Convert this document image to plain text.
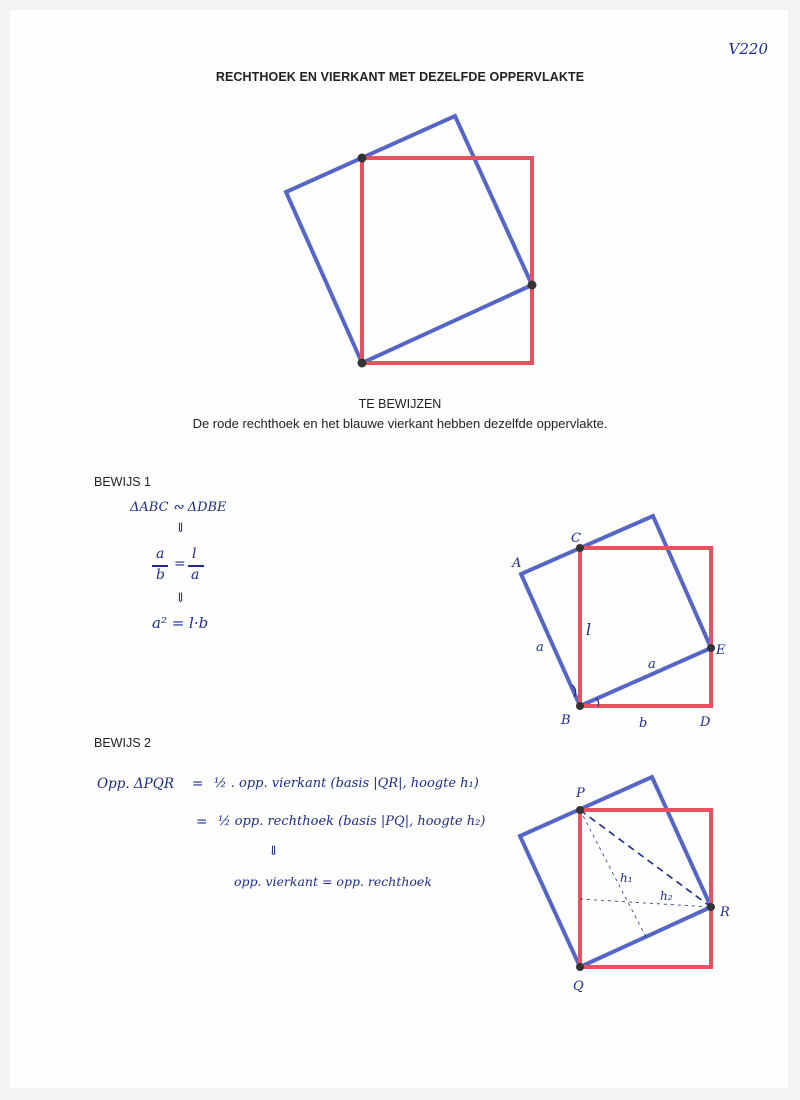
V220
RECHTHOEK EN VIERKANT MET DEZELFDE OPPERVLAKTE
TE BEWIJZEN
De rode rechthoek en het blauwe vierkant hebben dezelfde oppervlakte.
BEWIJS 1
ΔABC ∾ ΔDBE
⇓
a
b
=
l
a
⇓
a² = l·b
A
C
E
B	D
a
a
l
b
BEWIJS 2
Opp. ΔPQR = ½ . opp. vierkant (basis |QR|, hoogte h₁)
= ½ opp. rechthoek (basis |PQ|, hoogte h₂)
⇓
opp. vierkant = opp. rechthoek
P
R
Q
h₁
h₂
